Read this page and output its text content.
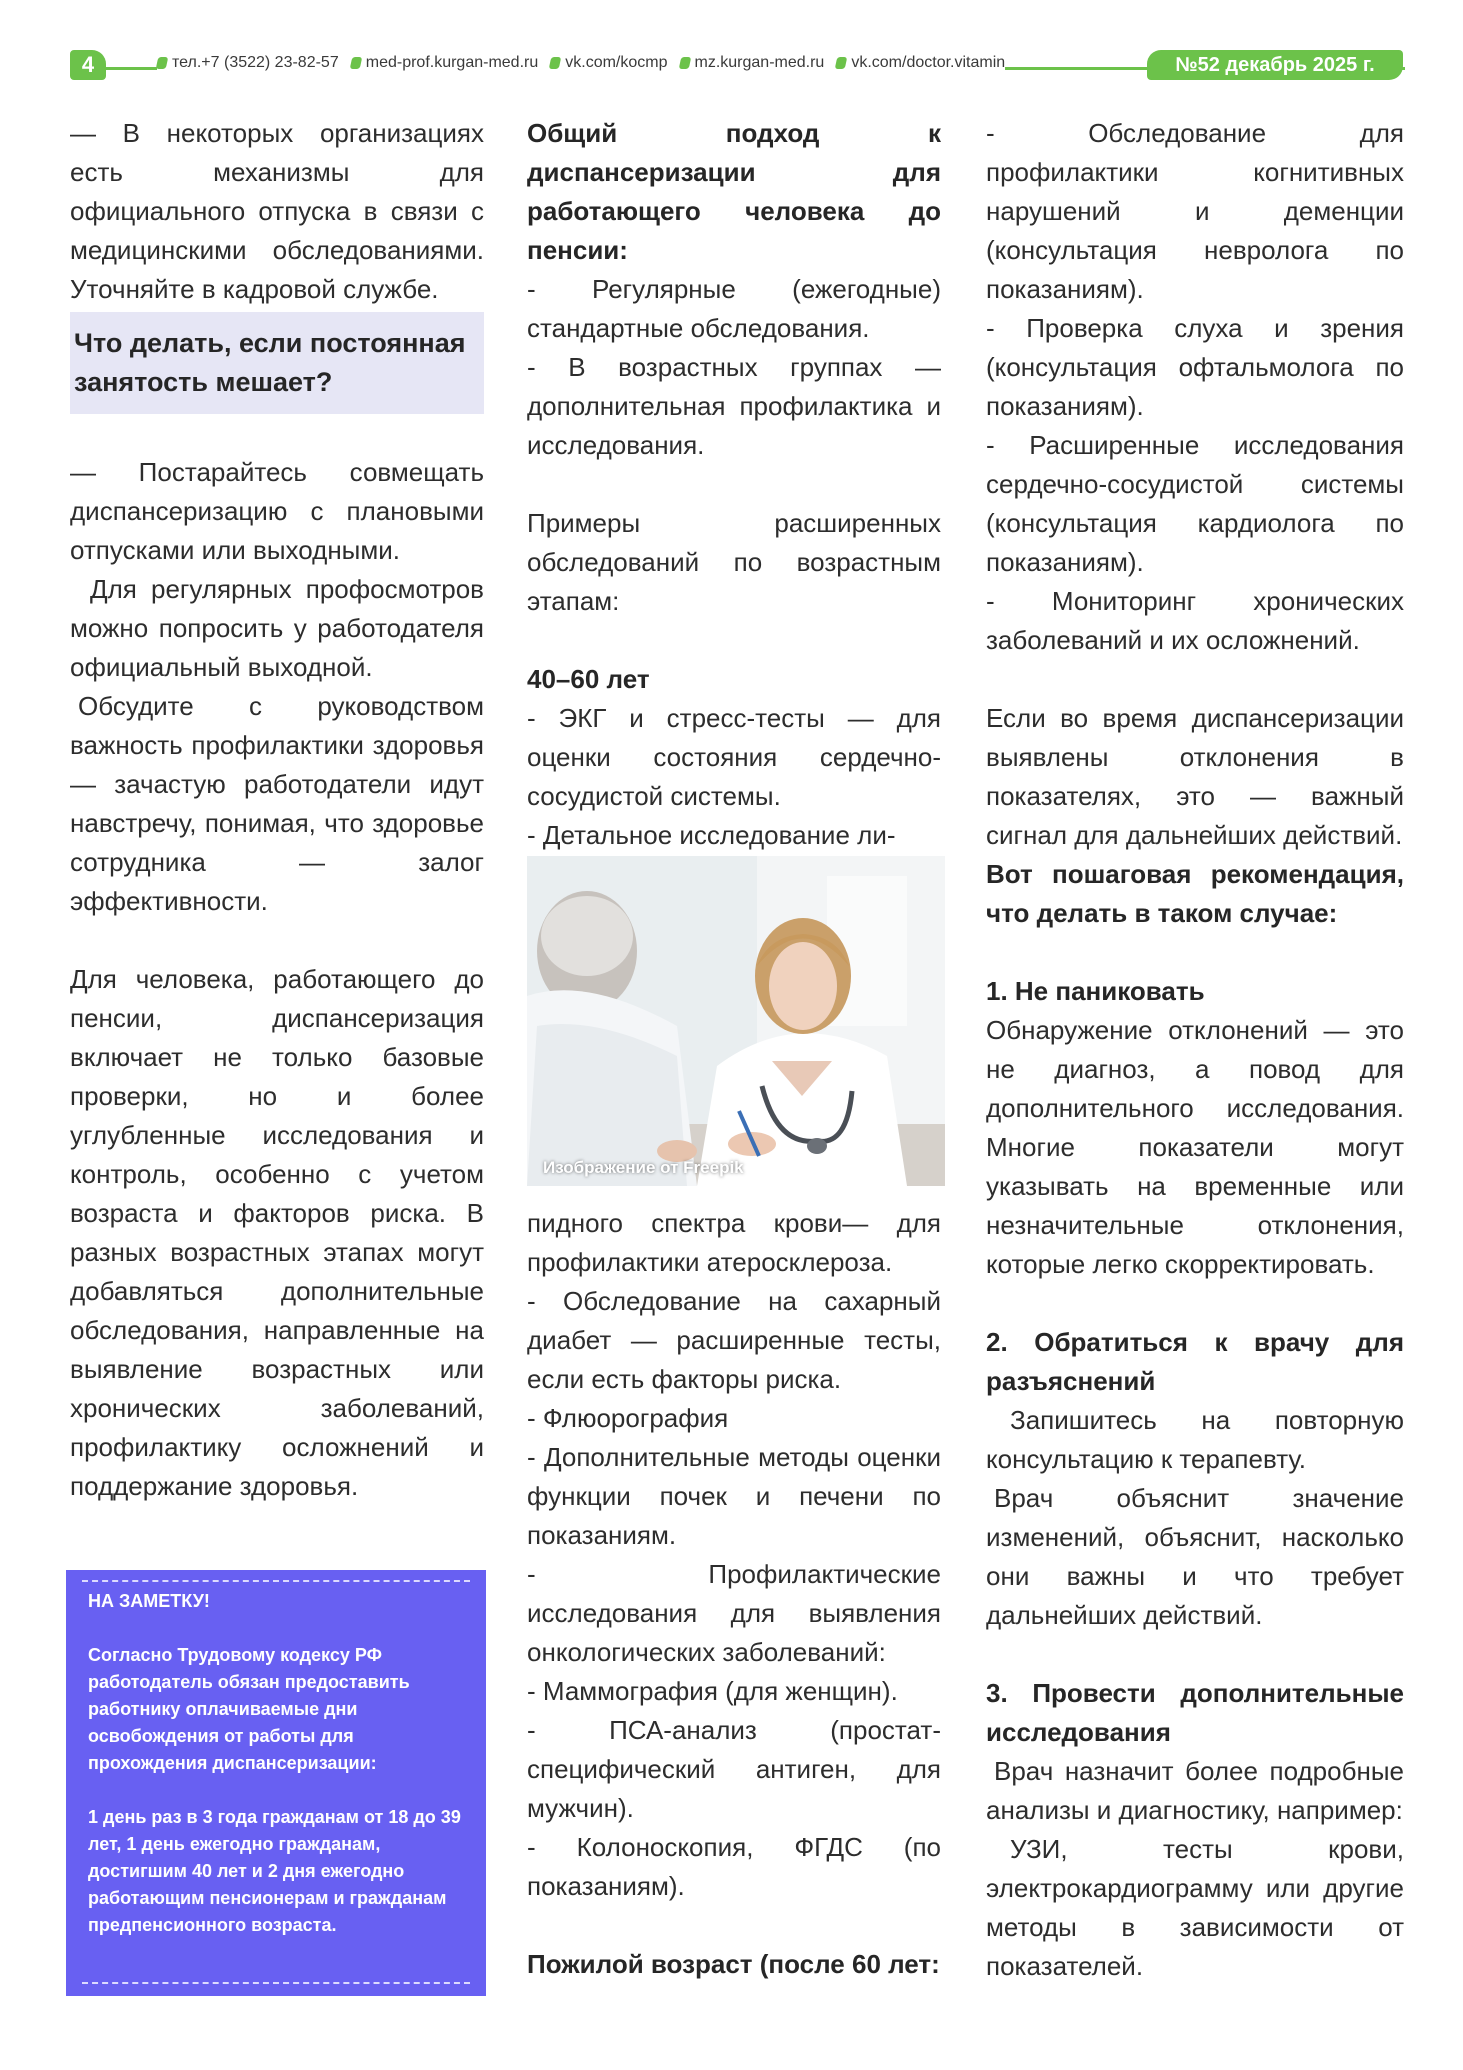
4	тел.+7 (3522) 23-82-57 med-prof.kurgan-med.ru vk.com/kocmp mz.kurgan-med.ru vk.com/doctor.vitamin	№52 декабрь 2025 г.

— В некоторых организациях есть механизмы для официального отпуска в связи с медицинскими обследованиями. Уточняйте в кадровой службе.

Что делать, если постоянная занятость мешает?

— Постарайтесь совмещать диспансеризацию с плановыми отпусками или выходными.

Для регулярных профосмотров можно попросить у работодателя официальный выходной.

Обсудите с руководством важность профилактики здоровья — зачастую работодатели идут навстречу, понимая, что здоровье сотрудника — залог эффективности.

Для человека, работающего до пенсии, диспансеризация включает не только базовые проверки, но и более углубленные исследования и контроль, особенно с учетом возраста и факторов риска. В разных возрастных этапах могут добавляться дополнительные обследования, направленные на выявление возрастных или хронических заболеваний, профилактику осложнений и поддержание здоровья.

НА ЗАМЕТКУ!

Согласно Трудовому кодексу РФ работодатель обязан предоставить работнику оплачиваемые дни освобождения от работы для прохождения диспансеризации:

1 день раз в 3 года гражданам от 18 до 39 лет, 1 день ежегодно гражданам, достигшим 40 лет и 2 дня ежегодно работающим пенсионерам и гражданам предпенсионного возраста.

Общий подход к диспансеризации для работающего человека до пенсии:

- Регулярные (ежегодные) стандартные обследования.

- В возрастных группах — дополнительная профилактика и исследования.

Примеры расширенных обследований по возрастным этапам:

40–60 лет

- ЭКГ и стресс-тесты — для оценки состояния сердечно-сосудистой системы.

- Детальное исследование ли-

Изображение от Freepik

пидного спектра крови— для профилактики атеросклероза.

- Обследование на сахарный диабет — расширенные тесты, если есть факторы риска.

- Флюорография

- Дополнительные методы оценки функции почек и печени по показаниям.

- Профилактические исследования для выявления онкологических заболеваний:

- Маммография (для женщин).

- ПСА-анализ (простат-специфический антиген, для мужчин).

- Колоноскопия, ФГДС (по показаниям).

Пожилой возраст (после 60 лет:

- Обследование для профилактики когнитивных нарушений и деменции (консультация невролога по показаниям).

- Проверка слуха и зрения (консультация офтальмолога по показаниям).

- Расширенные исследования сердечно-сосудистой системы (консультация кардиолога по показаниям).

- Мониторинг хронических заболеваний и их осложнений.

Если во время диспансеризации выявлены отклонения в показателях, это — важный сигнал для дальнейших действий.

Вот пошаговая рекомендация, что делать в таком случае:

1. Не паниковать

Обнаружение отклонений — это не диагноз, а повод для дополнительного исследования. Многие показатели могут указывать на временные или незначительные отклонения, которые легко скорректировать.

2. Обратиться к врачу для разъяснений

Запишитесь на повторную консультацию к терапевту.

Врач объяснит значение изменений, объяснит, насколько они важны и что требует дальнейших действий.

3. Провести дополнительные исследования

Врач назначит более подробные анализы и диагностику, например:

УЗИ, тесты крови, электрокардиограмму или другие методы в зависимости от показателей.
